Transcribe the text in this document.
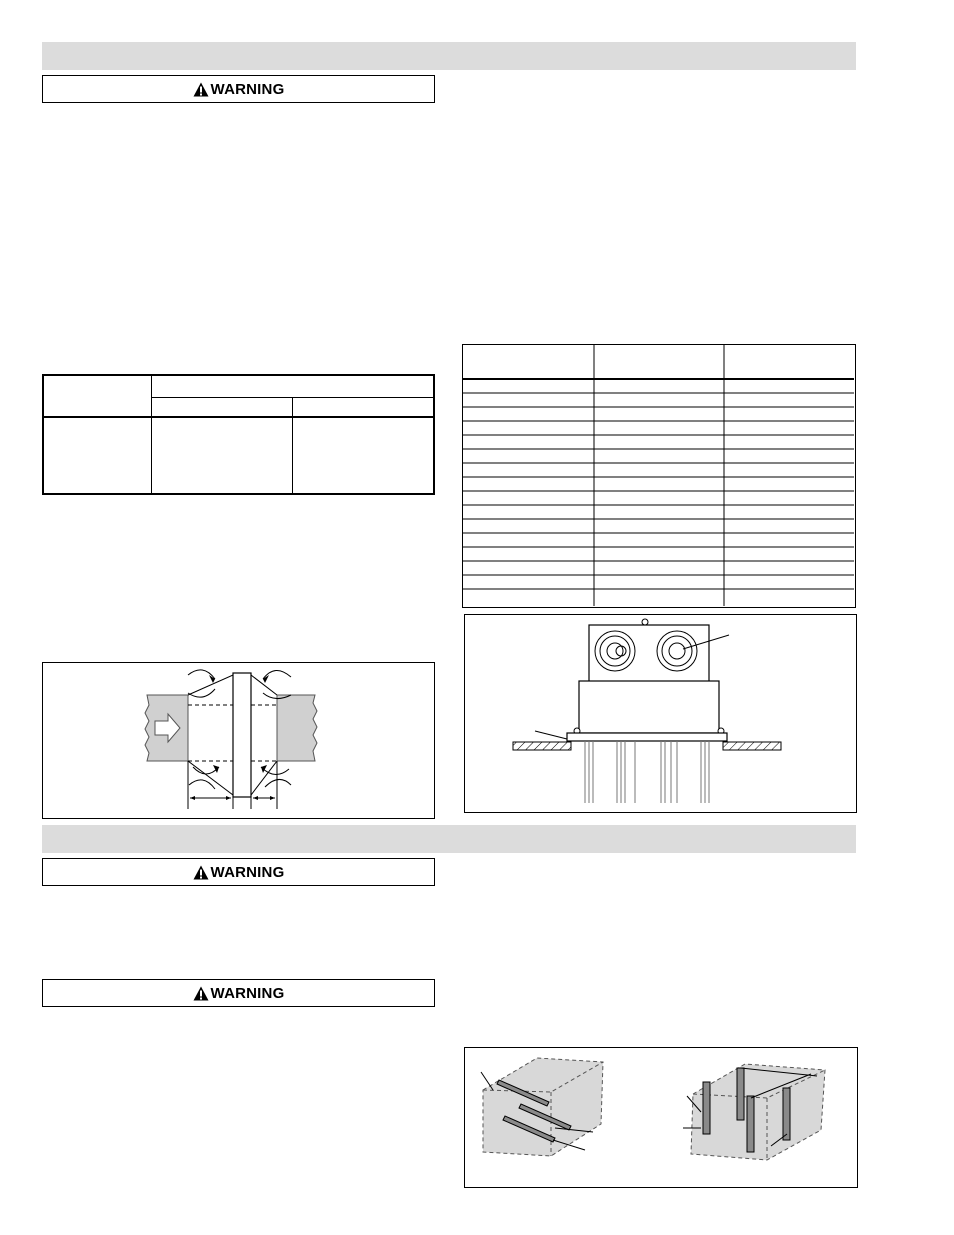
WARNING

WARNING
WARNING
